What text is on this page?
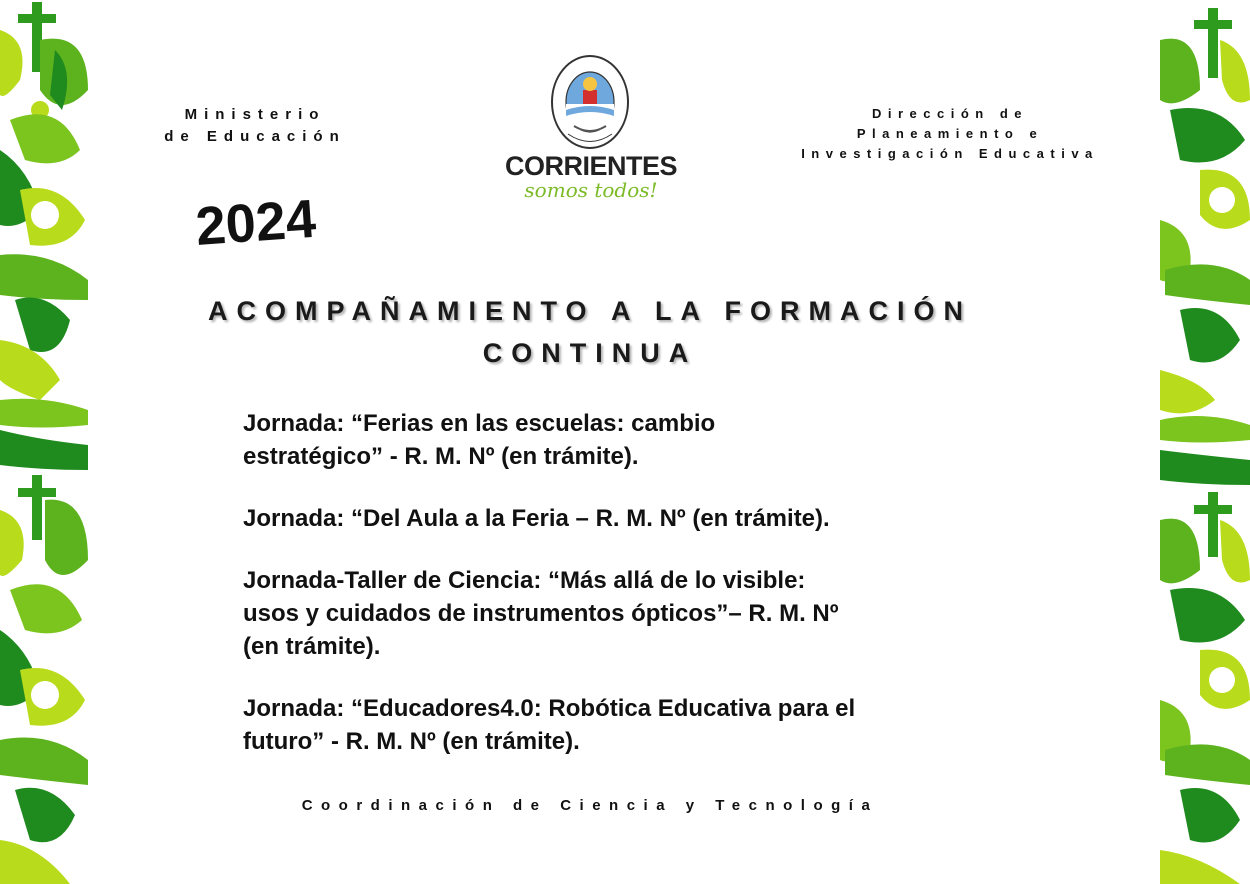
Ministerio
de Educación
CORRIENTES
somos todos!
Dirección de
Planeamiento e
Investigación Educativa
2024
ACOMPAÑAMIENTO A LA FORMACIÓN
CONTINUA

Jornada: “Ferias en las escuelas: cambio
estratégico” - R. M. Nº (en trámite).

Jornada: “Del Aula a la Feria – R. M. Nº (en trámite).

Jornada-Taller de Ciencia: “Más allá de lo visible:
usos y cuidados de instrumentos ópticos”– R. M. Nº
(en trámite).

Jornada: “Educadores4.0: Robótica Educativa para el
futuro” - R. M. Nº (en trámite).

Coordinación de Ciencia y Tecnología
